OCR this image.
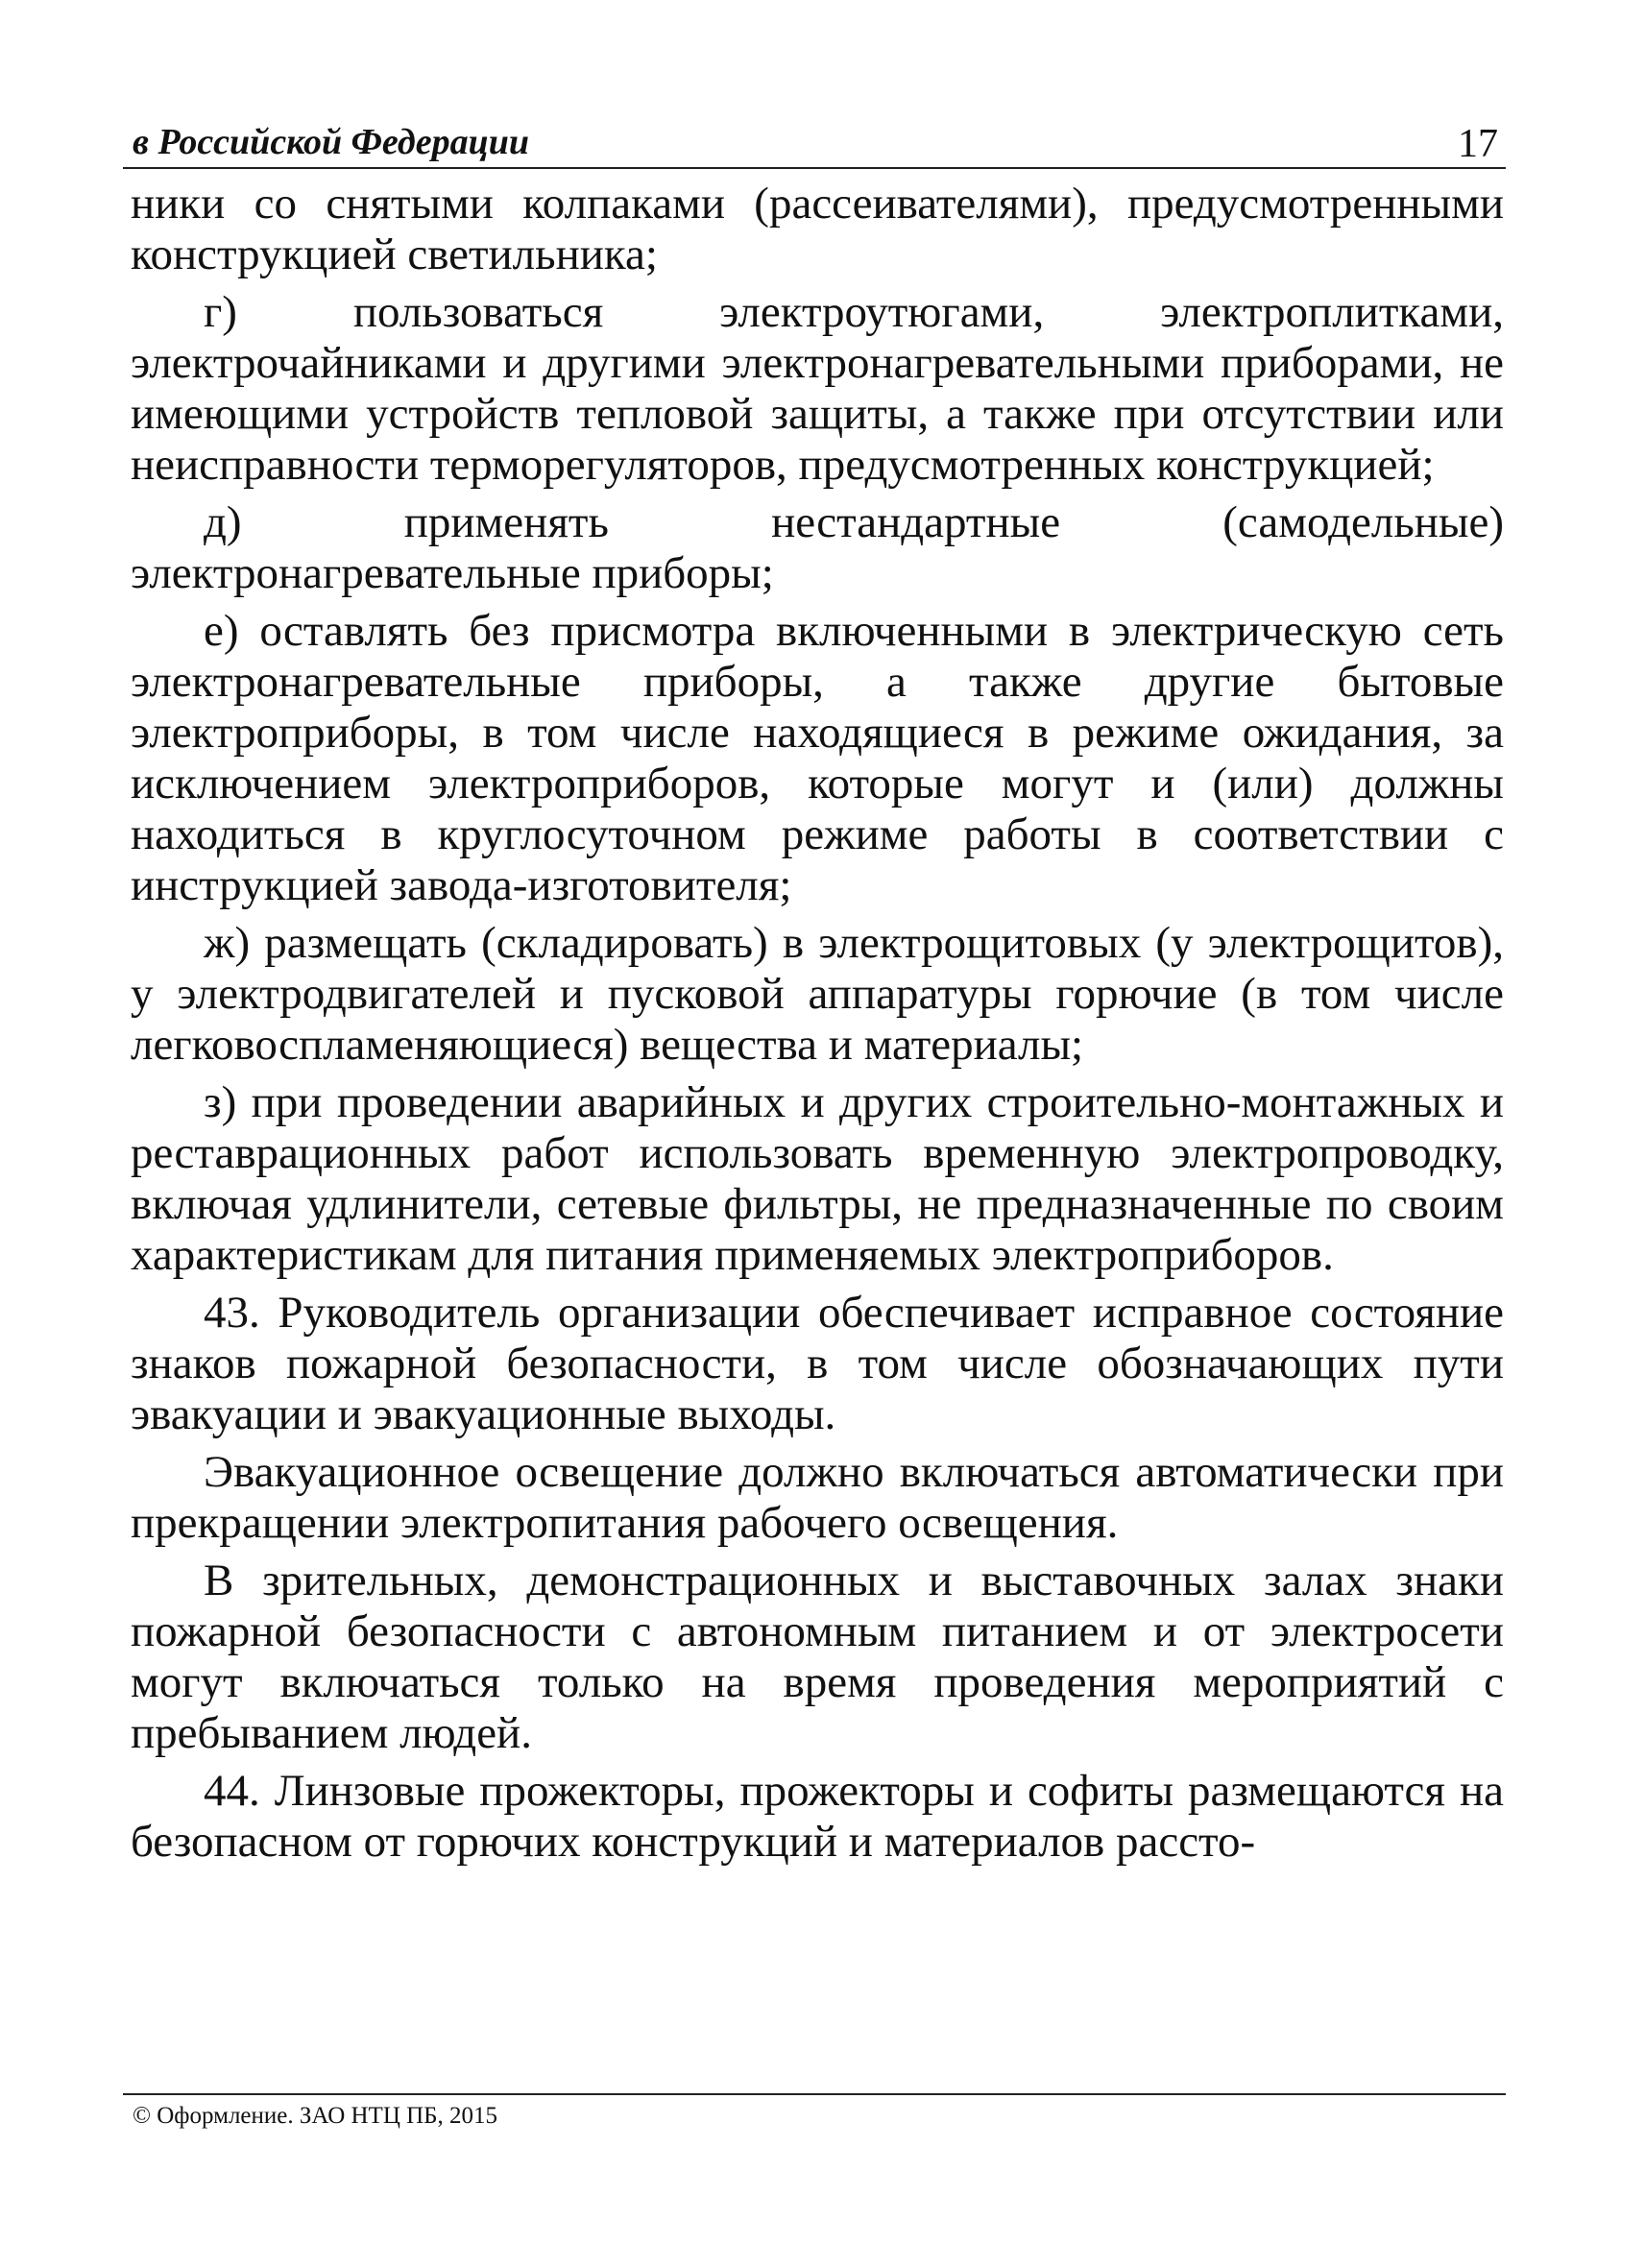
в Российской Федерации	17

ники со снятыми колпаками (рассеивателями), предусмотренными конструкцией светильника;

г) пользоваться электроутюгами, электроплитками, электрочайниками и другими электронагревательными приборами, не имеющими устройств тепловой защиты, а также при отсутствии или неисправности терморегуляторов, предусмотренных конструкцией;

д) применять нестандартные (самодельные) электронагревательные приборы;

е) оставлять без присмотра включенными в электрическую сеть электронагревательные приборы, а также другие бытовые электроприборы, в том числе находящиеся в режиме ожидания, за исключением электроприборов, которые могут и (или) должны находиться в круглосуточном режиме работы в соответствии с инструкцией завода-изготовителя;

ж) размещать (складировать) в электрощитовых (у электрощитов), у электродвигателей и пусковой аппаратуры горючие (в том числе легковоспламеняющиеся) вещества и материалы;

з) при проведении аварийных и других строительно-монтажных и реставрационных работ использовать временную электропроводку, включая удлинители, сетевые фильтры, не предназначенные по своим характеристикам для питания применяемых электроприборов.

43. Руководитель организации обеспечивает исправное состояние знаков пожарной безопасности, в том числе обозначающих пути эвакуации и эвакуационные выходы.

Эвакуационное освещение должно включаться автоматически при прекращении электропитания рабочего освещения.

В зрительных, демонстрационных и выставочных залах знаки пожарной безопасности с автономным питанием и от электросети могут включаться только на время проведения мероприятий с пребыванием людей.

44. Линзовые прожекторы, прожекторы и софиты размещаются на безопасном от горючих конструкций и материалов рассто-

© Оформление. ЗАО НТЦ ПБ, 2015
